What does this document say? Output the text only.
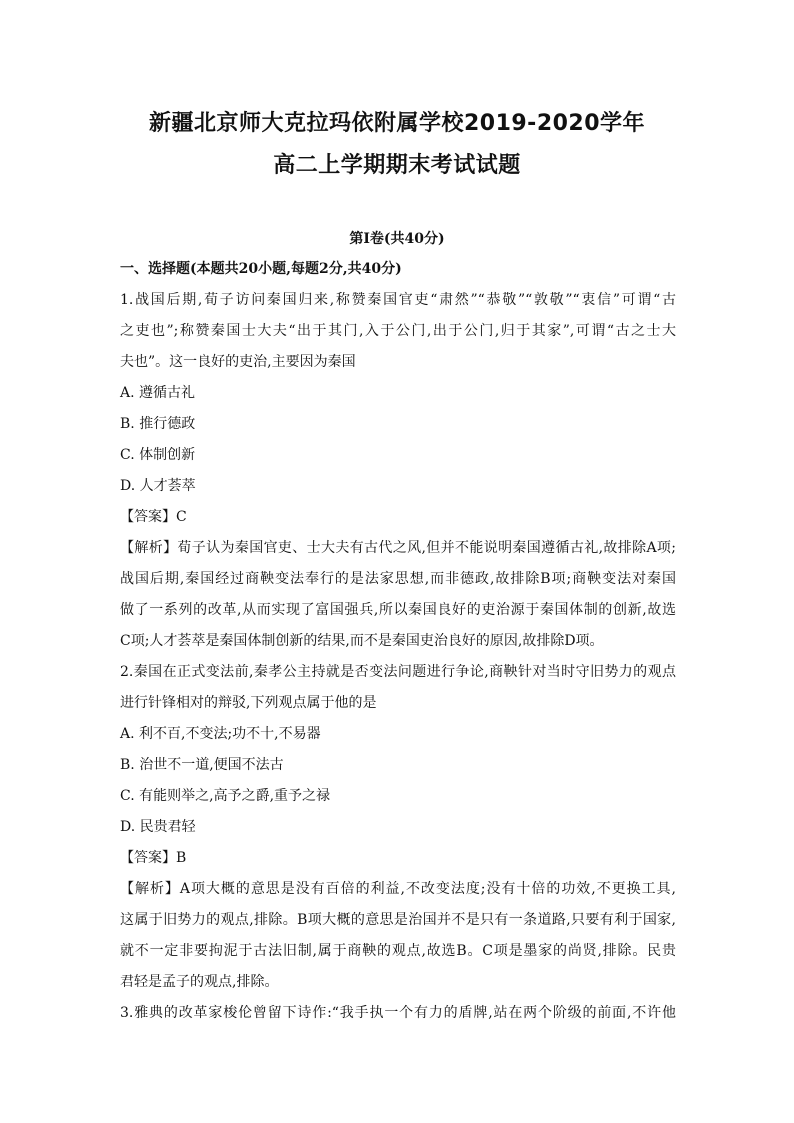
新疆北京师大克拉玛依附属学校2019-2020学年
高二上学期期末考试试题
第Ⅰ卷(共40分)
一、选择题(本题共20小题,每题2分,共40分)
1.战国后期,荀子访问秦国归来,称赞秦国官吏“肃然”“恭敬”“敦敬”“衷信”可谓“古
之吏也”;称赞秦国士大夫“出于其门,入于公门,出于公门,归于其家”,可谓“古之士大
夫也”。这一良好的吏治,主要因为秦国
A. 遵循古礼
B. 推行德政
C. 体制创新
D. 人才荟萃
【答案】C
【解析】荀子认为秦国官吏、士大夫有古代之风,但并不能说明秦国遵循古礼,故排除A项;
战国后期,秦国经过商鞅变法奉行的是法家思想,而非德政,故排除B项;商鞅变法对秦国
做了一系列的改革,从而实现了富国强兵,所以秦国良好的吏治源于秦国体制的创新,故选
C项;人才荟萃是秦国体制创新的结果,而不是秦国吏治良好的原因,故排除D项。
2.秦国在正式变法前,秦孝公主持就是否变法问题进行争论,商鞅针对当时守旧势力的观点
进行针锋相对的辩驳,下列观点属于他的是
A. 利不百,不变法;功不十,不易器
B. 治世不一道,便国不法古
C. 有能则举之,高予之爵,重予之禄
D. 民贵君轻
【答案】B
【解析】A项大概的意思是没有百倍的利益,不改变法度;没有十倍的功效,不更换工具,
这属于旧势力的观点,排除。B项大概的意思是治国并不是只有一条道路,只要有利于国家,
就不一定非要拘泥于古法旧制,属于商鞅的观点,故选B。C项是墨家的尚贤,排除。民贵
君轻是孟子的观点,排除。
3.雅典的改革家梭伦曾留下诗作:“我手执一个有力的盾牌,站在两个阶级的前面,不许他
